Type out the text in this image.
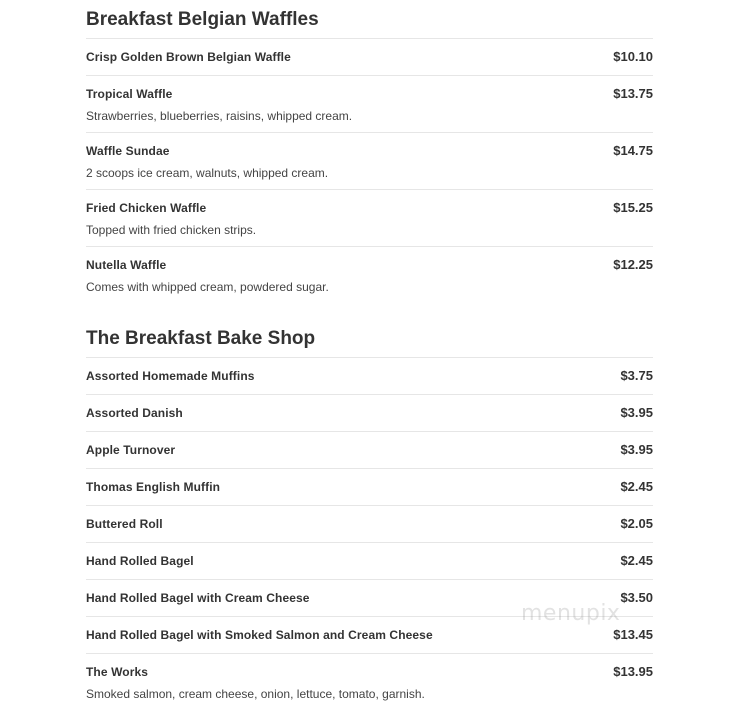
Breakfast Belgian Waffles
Crisp Golden Brown Belgian Waffle	$10.10
Tropical Waffle	$13.75
Strawberries, blueberries, raisins, whipped cream.
Waffle Sundae	$14.75
2 scoops ice cream, walnuts, whipped cream.
Fried Chicken Waffle	$15.25
Topped with fried chicken strips.
Nutella Waffle	$12.25
Comes with whipped cream, powdered sugar.
The Breakfast Bake Shop
Assorted Homemade Muffins	$3.75
Assorted Danish	$3.95
Apple Turnover	$3.95
Thomas English Muffin	$2.45
Buttered Roll	$2.05
Hand Rolled Bagel	$2.45
Hand Rolled Bagel with Cream Cheese	$3.50
Hand Rolled Bagel with Smoked Salmon and Cream Cheese	$13.45
The Works	$13.95
Smoked salmon, cream cheese, onion, lettuce, tomato, garnish.
menupix
